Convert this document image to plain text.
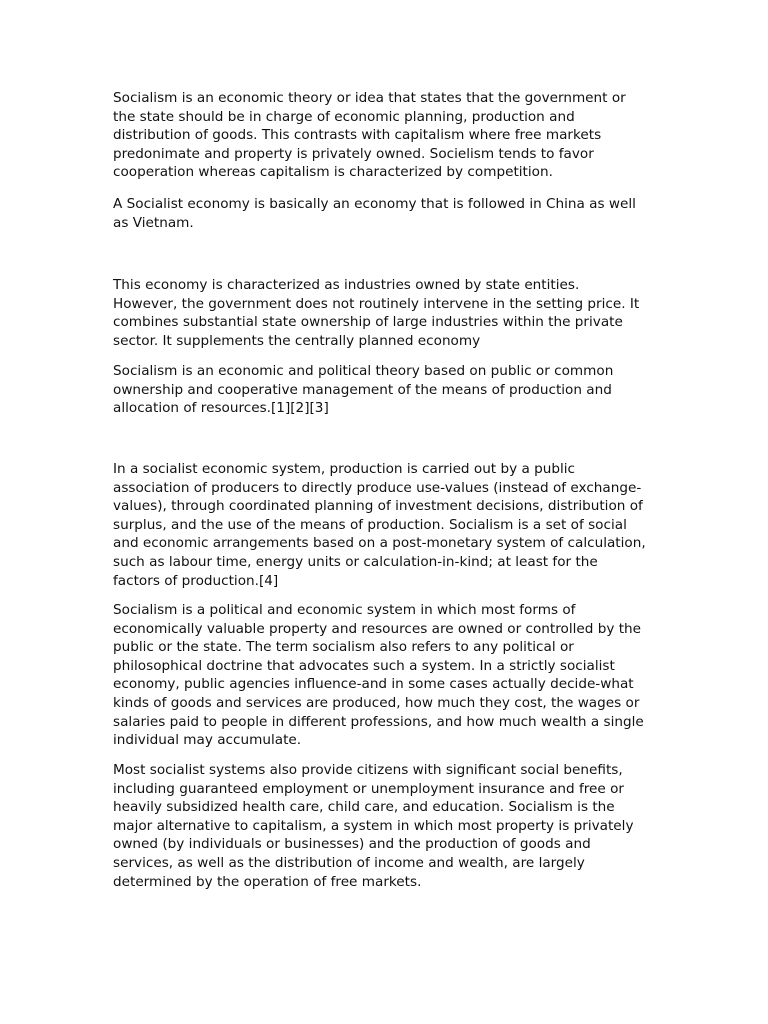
Socialism is an economic theory or idea that states that the government or
the state should be in charge of economic planning, production and
distribution of goods. This contrasts with capitalism where free markets
predonimate and property is privately owned. Socielism tends to favor
cooperation whereas capitalism is characterized by competition.

A Socialist economy is basically an economy that is followed in China as well
as Vietnam.

This economy is characterized as industries owned by state entities.
However, the government does not routinely intervene in the setting price. It
combines substantial state ownership of large industries within the private
sector. It supplements the centrally planned economy

Socialism is an economic and political theory based on public or common
ownership and cooperative management of the means of production and
allocation of resources.[1][2][3]

In a socialist economic system, production is carried out by a public
association of producers to directly produce use-values (instead of exchange-
values), through coordinated planning of investment decisions, distribution of
surplus, and the use of the means of production. Socialism is a set of social
and economic arrangements based on a post-monetary system of calculation,
such as labour time, energy units or calculation-in-kind; at least for the
factors of production.[4]

Socialism is a political and economic system in which most forms of
economically valuable property and resources are owned or controlled by the
public or the state. The term socialism also refers to any political or
philosophical doctrine that advocates such a system. In a strictly socialist
economy, public agencies influence-and in some cases actually decide-what
kinds of goods and services are produced, how much they cost, the wages or
salaries paid to people in different professions, and how much wealth a single
individual may accumulate.

Most socialist systems also provide citizens with significant social benefits,
including guaranteed employment or unemployment insurance and free or
heavily subsidized health care, child care, and education. Socialism is the
major alternative to capitalism, a system in which most property is privately
owned (by individuals or businesses) and the production of goods and
services, as well as the distribution of income and wealth, are largely
determined by the operation of free markets.
